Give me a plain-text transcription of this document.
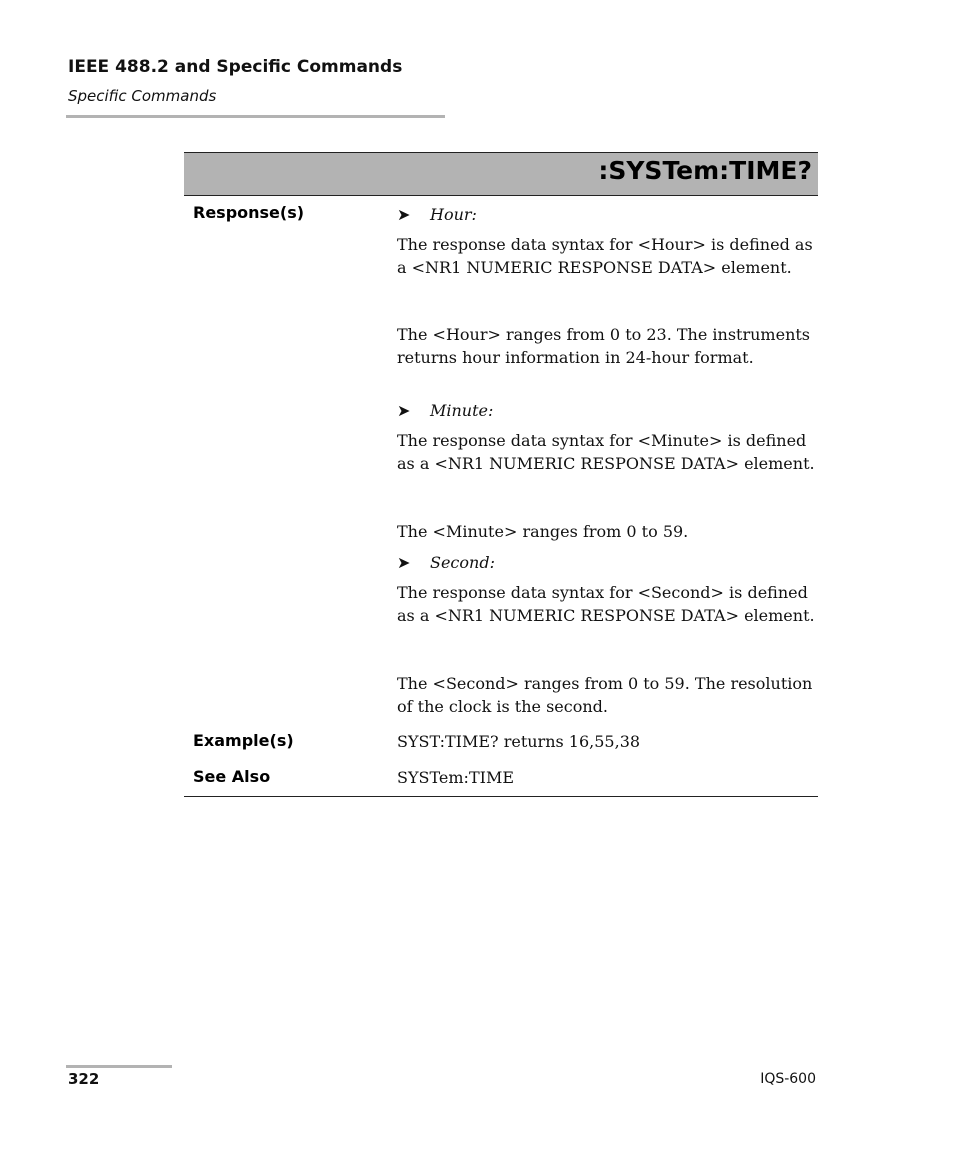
IEEE 488.2 and Specific Commands
Specific Commands
:SYSTem:TIME?
Response(s)	➤ Hour:
The response data syntax for <Hour> is defined as a <NR1 NUMERIC RESPONSE DATA> element.
The <Hour> ranges from 0 to 23. The instruments returns hour information in 24-hour format.
➤ Minute:
The response data syntax for <Minute> is defined as a <NR1 NUMERIC RESPONSE DATA> element.
The <Minute> ranges from 0 to 59.
➤ Second:
The response data syntax for <Second> is defined as a <NR1 NUMERIC RESPONSE DATA> element.
The <Second> ranges from 0 to 59. The resolution of the clock is the second.
Example(s)	SYST:TIME? returns 16,55,38
See Also	SYSTem:TIME
322	IQS-600
